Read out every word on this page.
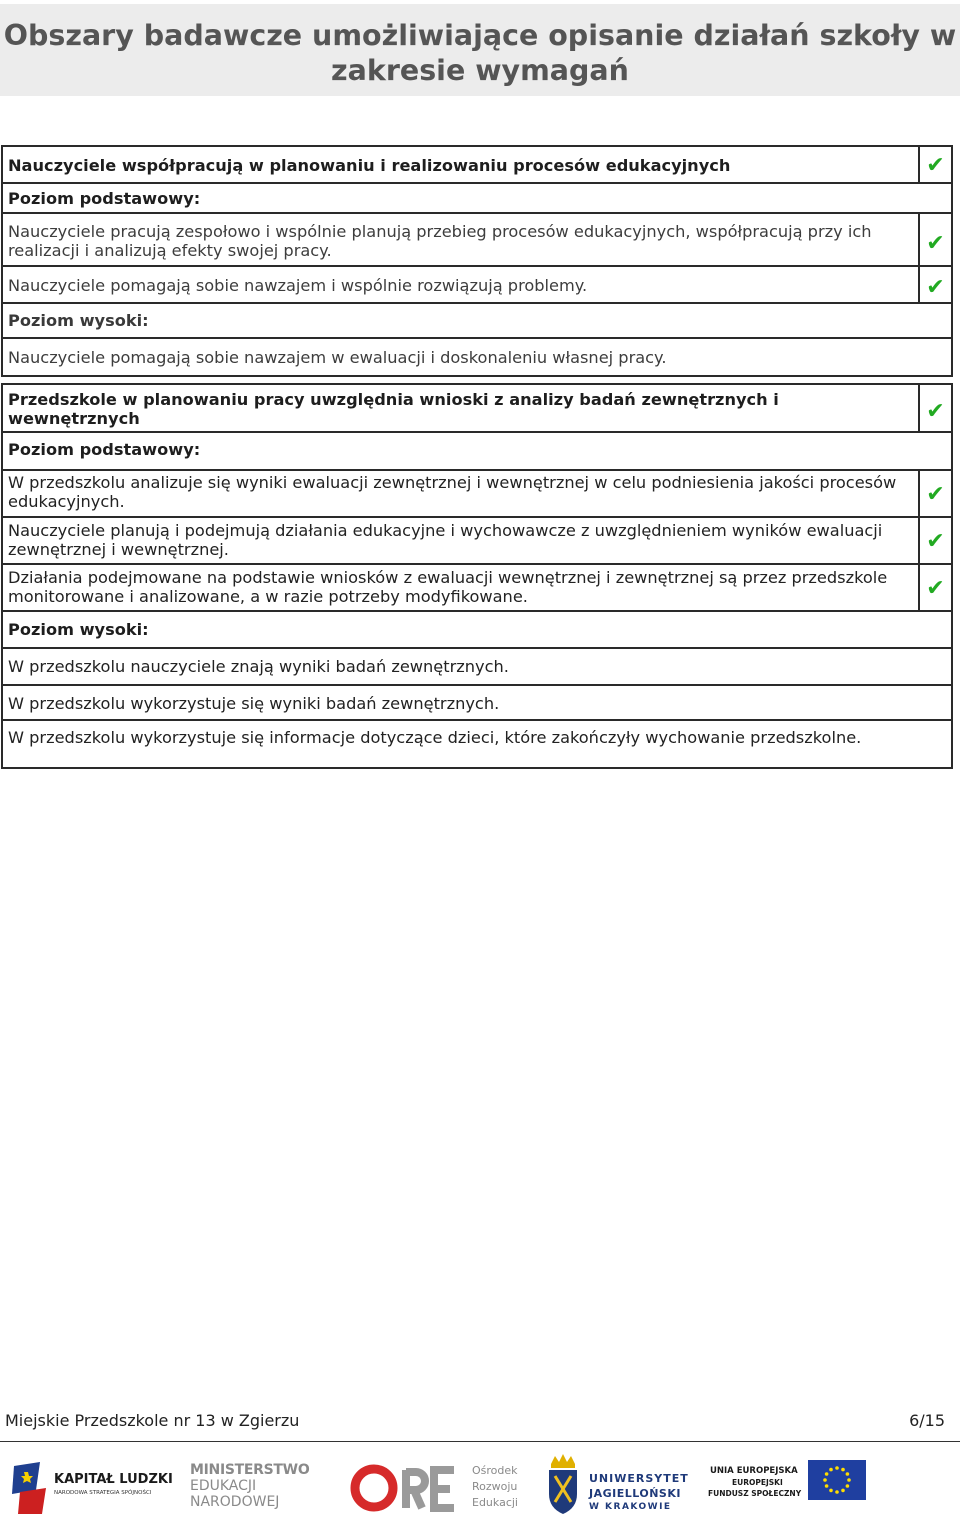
Obszary badawcze umożliwiające opisanie działań szkoły w zakresie wymagań
Nauczyciele współpracują w planowaniu i realizowaniu procesów edukacyjnych	✔
Poziom podstawowy:
Nauczyciele pracują zespołowo i wspólnie planują przebieg procesów edukacyjnych, współpracują przy ich realizacji i analizują efekty swojej pracy.	✔
Nauczyciele pomagają sobie nawzajem i wspólnie rozwiązują problemy.	✔
Poziom wysoki:
Nauczyciele pomagają sobie nawzajem w ewaluacji i doskonaleniu własnej pracy.
Przedszkole w planowaniu pracy uwzględnia wnioski z analizy badań zewnętrznych i wewnętrznych	✔
Poziom podstawowy:
W przedszkolu analizuje się wyniki ewaluacji zewnętrznej i wewnętrznej w celu podniesienia jakości procesów edukacyjnych.	✔
Nauczyciele planują i podejmują działania edukacyjne i wychowawcze z uwzględnieniem wyników ewaluacji zewnętrznej i wewnętrznej.	✔
Działania podejmowane na podstawie wniosków z ewaluacji wewnętrznej i zewnętrznej są przez przedszkole monitorowane i analizowane, a w razie potrzeby modyfikowane.	✔
Poziom wysoki:
W przedszkolu nauczyciele znają wyniki badań zewnętrznych.
W przedszkolu wykorzystuje się wyniki badań zewnętrznych.
W przedszkolu wykorzystuje się informacje dotyczące dzieci, które zakończyły wychowanie przedszkolne.
Miejskie Przedszkole nr 13 w Zgierzu	6/15
KAPITAŁ LUDZKI
NARODOWA STRATEGIA SPÓJNOŚCI
MINISTERSTWO
EDUKACJI
NARODOWEJ
Ośrodek
Rozwoju
Edukacji
UNIWERSYTET
JAGIELLOŃSKI
W KRAKOWIE
UNIA EUROPEJSKA
EUROPEJSKI
FUNDUSZ SPOŁECZNY
